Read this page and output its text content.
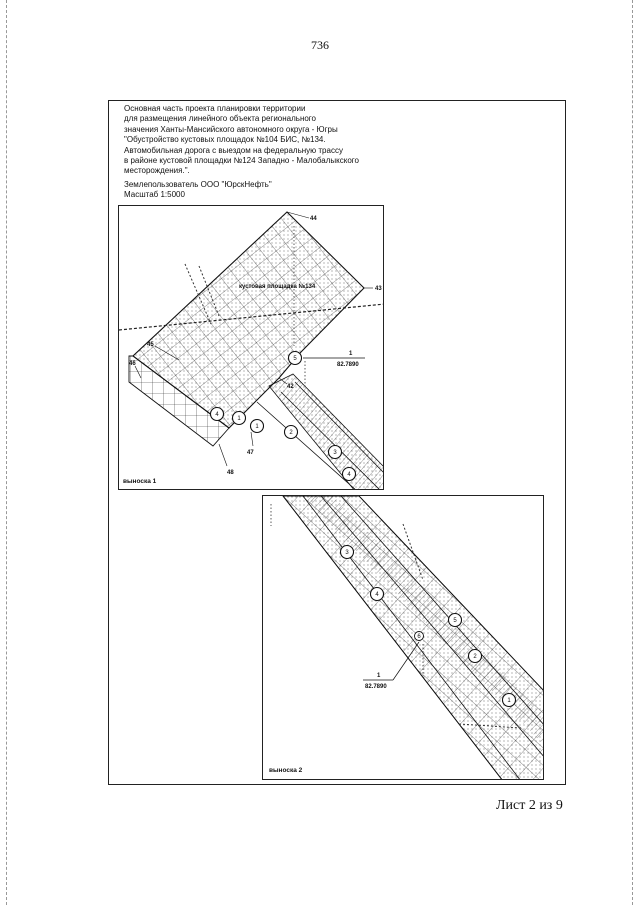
736
Основная часть проекта планировки территории
для размещения линейного объекта регионального
значения Ханты-Мансийского автономного округа - Югры
"Обустройство кустовых площадок №104 БИС, №134.
Автомобильная дорога с выездом на федеральную трассу
в районе кустовой площадки №124 Западно - Малобалыкского
месторождения.".
Землепользователь ООО "ЮрскНефть"
Масштаб 1:5000
5
4
1
2
3
4
1
44
43
45
46
48
47
42
кустовая площадка №134
1
82.7890
выноска 1
3
4
5
2
1
6
1
82.7890
выноска 2
Лист 2 из 9
